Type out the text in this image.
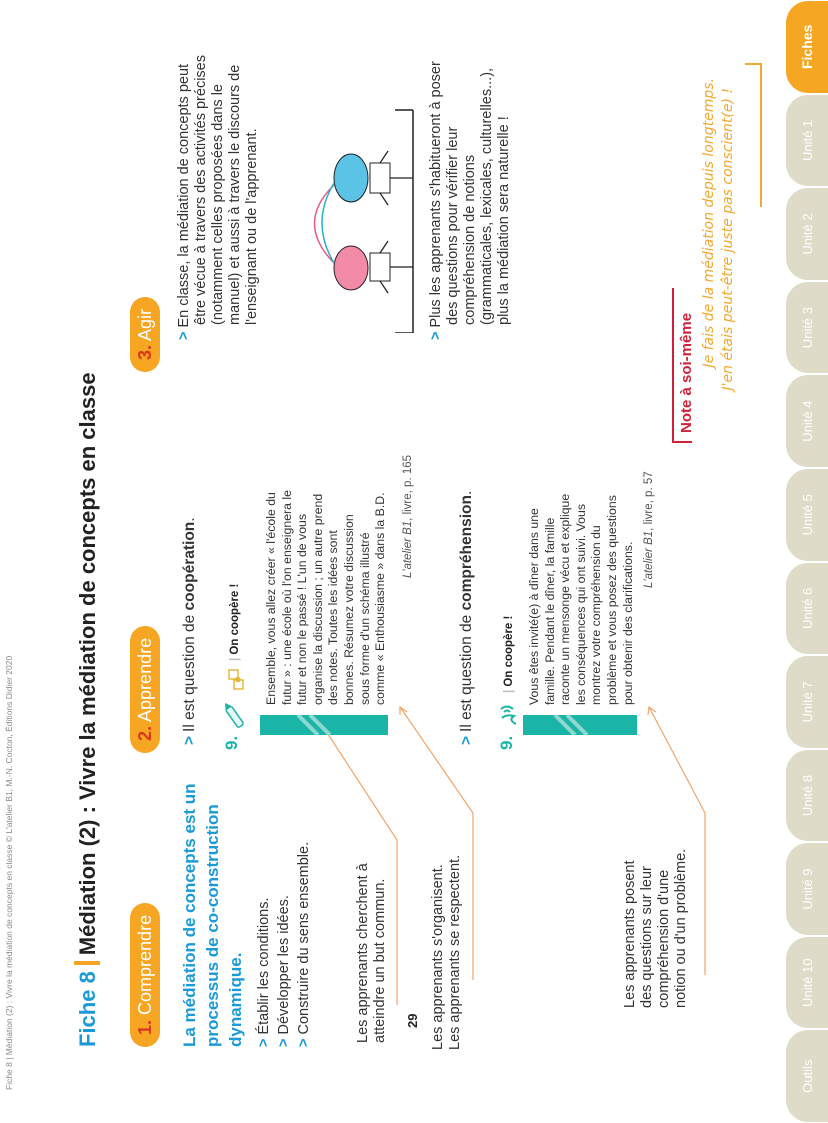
Fiche 8 | Médiation (2) : Vivre la médiation de concepts en classe © L'atelier B1, M.-N. Cocton, Éditions Didier 2020	Fiche 8Médiation (2) : Vivre la médiation de concepts en classe
1. Comprendre La médiation de concepts est un processus de co-construction dynamique. >Établir les conditions.
>Développer les idées.
>Construire du sens ensemble.	Les apprenants cherchent à atteindre un but commun. 29 Les apprenants s'organisent. Les apprenants se respectent.	Les apprenants posent des questions sur leur compréhension d'une notion ou d'un problème.
2. Apprendre
>Il est question de coopération.
9.
| On coopère ! Ensemble, vous allez créer « l'école du futur » : une école où l'on enseignera le futur et non le passé ! L'un de vous organise la discussion ; un autre prend des notes. Toutes les idées sont bonnes. Résumez votre discussion sous forme d'un schéma illustré comme « Enthousiasme » dans la B.D. L'atelier B1, livre, p. 165
>Il est question de compréhension.
9.
| On coopère ! Vous êtes invité(e) à dîner dans une famille. Pendant le dîner, la famille raconte un mensonge vécu et explique les conséquences qui ont suivi. Vous montrez votre compréhension du problème et vous posez des questions pour obtenir des clarifications. L'atelier B1, livre, p. 57
3. Agir	>En classe, la médiation de concepts peut être vécue à travers des activités précises (notamment celles proposées dans le manuel) et aussi à travers le discours de l'enseignant ou de l'apprenant.
>Plus les apprenants s'habitueront à poser des questions pour vérifier leur compréhension de notions (grammaticales, lexicales, culturelles...), plus la médiation sera naturelle !
Note à soi-même
Je fais de la médiation depuis longtemps. J'en étais peut-être juste pas conscient(e) !
Outils
Unité 10
Unité 9
Unité 8
Unité 7
Unité 6
Unité 5
Unité 4
Unité 3
Unité 2
Unité 1
Fiches
